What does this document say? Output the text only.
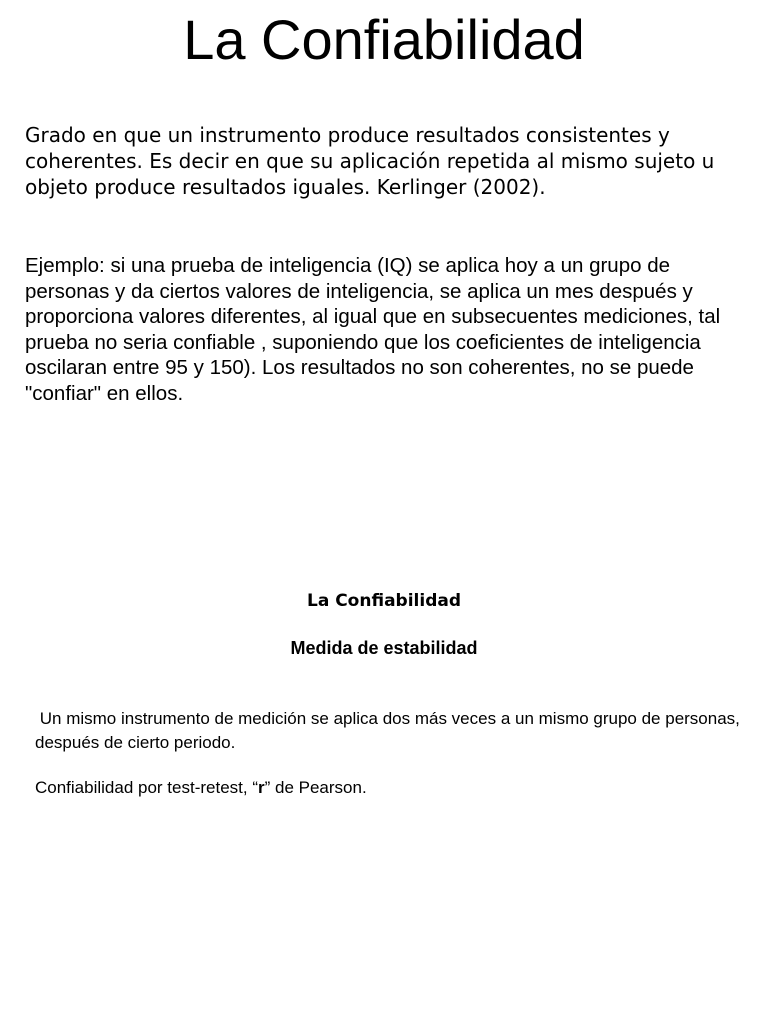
La Confiabilidad

Grado en que un instrumento produce resultados consistentes y coherentes. Es decir en que su aplicación repetida al mismo sujeto u objeto produce resultados iguales. Kerlinger (2002).

Ejemplo: si una prueba de inteligencia (IQ) se aplica hoy a un grupo de personas y da ciertos valores de inteligencia, se aplica un mes después y proporciona valores diferentes, al igual que en subsecuentes mediciones, tal prueba no seria confiable , suponiendo que los coeficientes de inteligencia oscilaran entre 95 y 150). Los resultados no son coherentes, no se puede "confiar" en ellos.

La Confiabilidad
Medida de estabilidad

Un mismo instrumento de medición se aplica dos más veces a un mismo grupo de personas, después de cierto periodo.

Confiabilidad por test-retest, “r” de Pearson.
